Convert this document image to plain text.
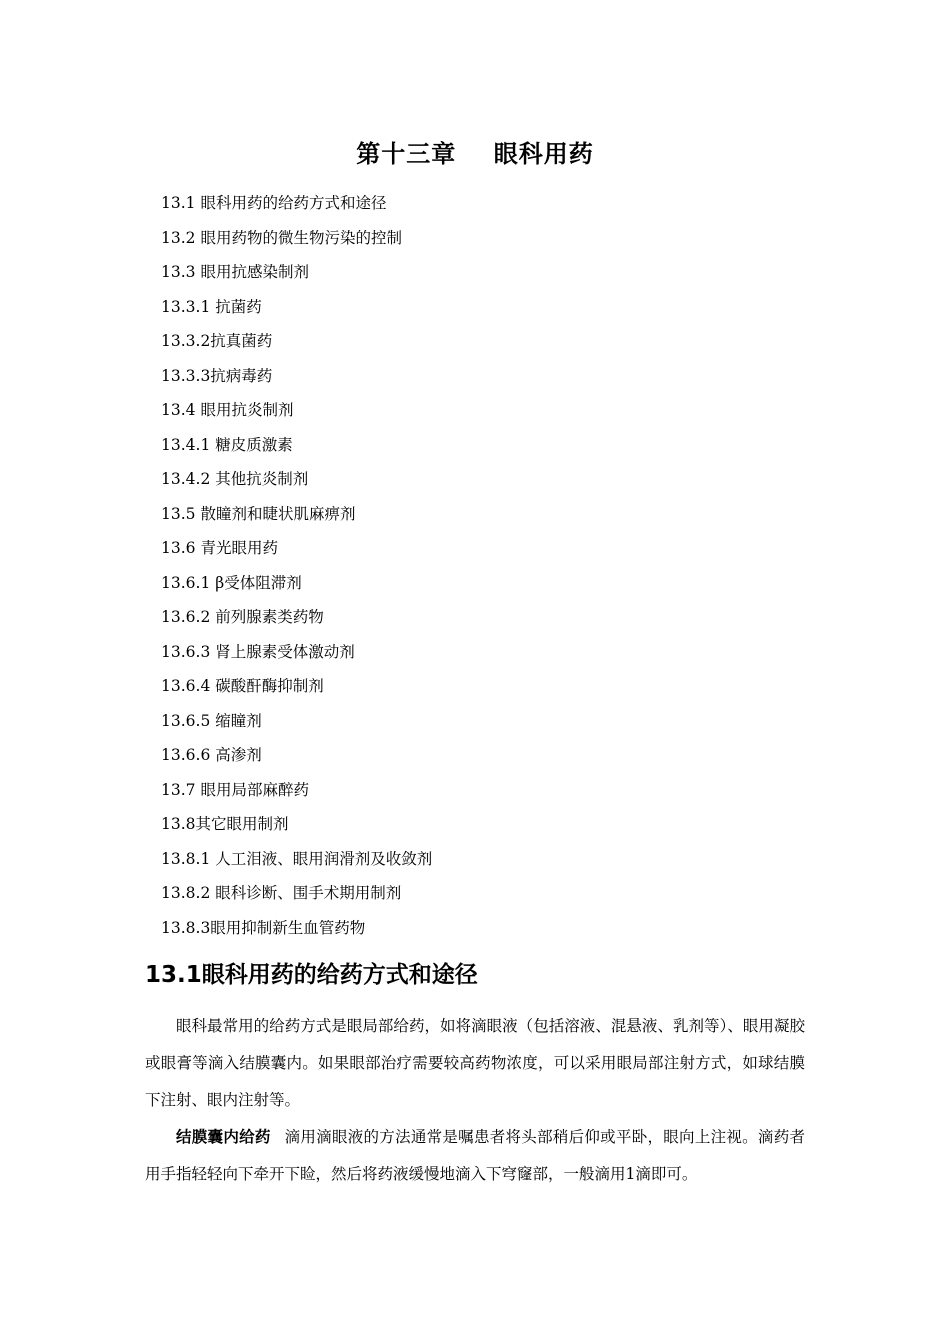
第十三章    眼科用药
13.1 眼科用药的给药方式和途径
13.2 眼用药物的微生物污染的控制
13.3 眼用抗感染制剂
13.3.1 抗菌药
13.3.2抗真菌药
13.3.3抗病毒药
13.4 眼用抗炎制剂
13.4.1 糖皮质激素
13.4.2 其他抗炎制剂
13.5 散瞳剂和睫状肌麻痹剂
13.6 青光眼用药
13.6.1 β受体阻滞剂
13.6.2 前列腺素类药物
13.6.3 肾上腺素受体激动剂
13.6.4 碳酸酐酶抑制剂
13.6.5 缩瞳剂
13.6.6 高渗剂
13.7 眼用局部麻醉药
13.8其它眼用制剂
13.8.1 人工泪液、眼用润滑剂及收敛剂
13.8.2 眼科诊断、围手术期用制剂
13.8.3眼用抑制新生血管药物
13.1眼科用药的给药方式和途径

眼科最常用的给药方式是眼局部给药，如将滴眼液（包括溶液、混悬液、乳剂等）、眼用凝胶或眼膏等滴入结膜囊内。如果眼部治疗需要较高药物浓度，可以采用眼局部注射方式，如球结膜下注射、眼内注射等。

结膜囊内给药 滴用滴眼液的方法通常是嘱患者将头部稍后仰或平卧，眼向上注视。滴药者用手指轻轻向下牵开下睑，然后将药液缓慢地滴入下穹窿部，一般滴用1滴即可。
